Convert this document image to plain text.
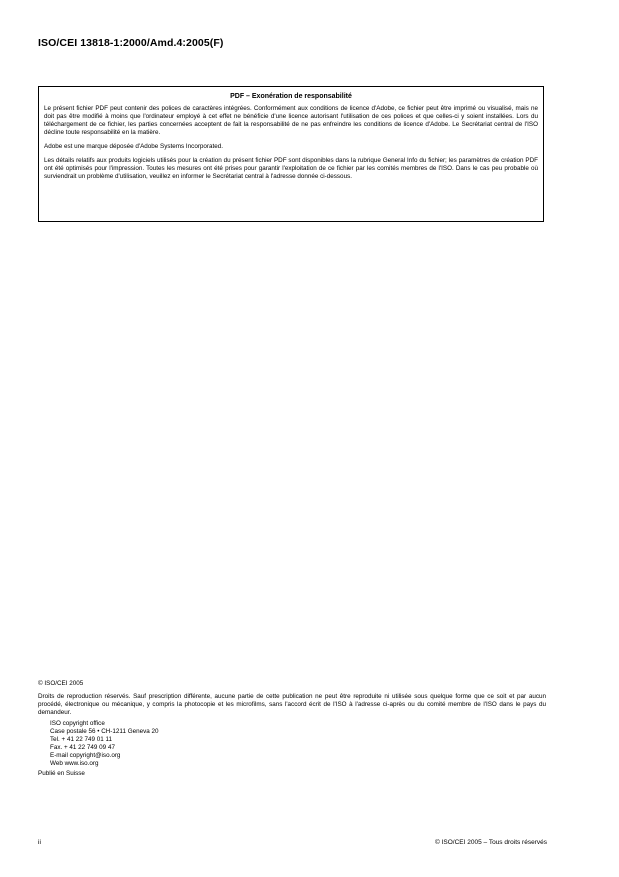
ISO/CEI 13818-1:2000/Amd.4:2005(F)
PDF – Exonération de responsabilité

Le présent fichier PDF peut contenir des polices de caractères intégrées. Conformément aux conditions de licence d'Adobe, ce fichier peut être imprimé ou visualisé, mais ne doit pas être modifié à moins que l'ordinateur employé à cet effet ne bénéficie d'une licence autorisant l'utilisation de ces polices et que celles-ci y soient installées. Lors du téléchargement de ce fichier, les parties concernées acceptent de fait la responsabilité de ne pas enfreindre les conditions de licence d'Adobe. Le Secrétariat central de l'ISO décline toute responsabilité en la matière.

Adobe est une marque déposée d'Adobe Systems Incorporated.

Les détails relatifs aux produits logiciels utilisés pour la création du présent fichier PDF sont disponibles dans la rubrique General Info du fichier; les paramètres de création PDF ont été optimisés pour l'impression. Toutes les mesures ont été prises pour garantir l'exploitation de ce fichier par les comités membres de l'ISO. Dans le cas peu probable où surviendrait un problème d'utilisation, veuillez en informer le Secrétariat central à l'adresse donnée ci-dessous.

© ISO/CEI 2005

Droits de reproduction réservés. Sauf prescription différente, aucune partie de cette publication ne peut être reproduite ni utilisée sous quelque forme que ce soit et par aucun procédé, électronique ou mécanique, y compris la photocopie et les microfilms, sans l'accord écrit de l'ISO à l'adresse ci-après ou du comité membre de l'ISO dans le pays du demandeur.

ISO copyright office
Case postale 56 • CH-1211 Geneva 20
Tel. + 41 22 749 01 11
Fax. + 41 22 749 09 47
E-mail copyright@iso.org
Web www.iso.org

Publié en Suisse

ii	© ISO/CEI 2005 – Tous droits réservés
